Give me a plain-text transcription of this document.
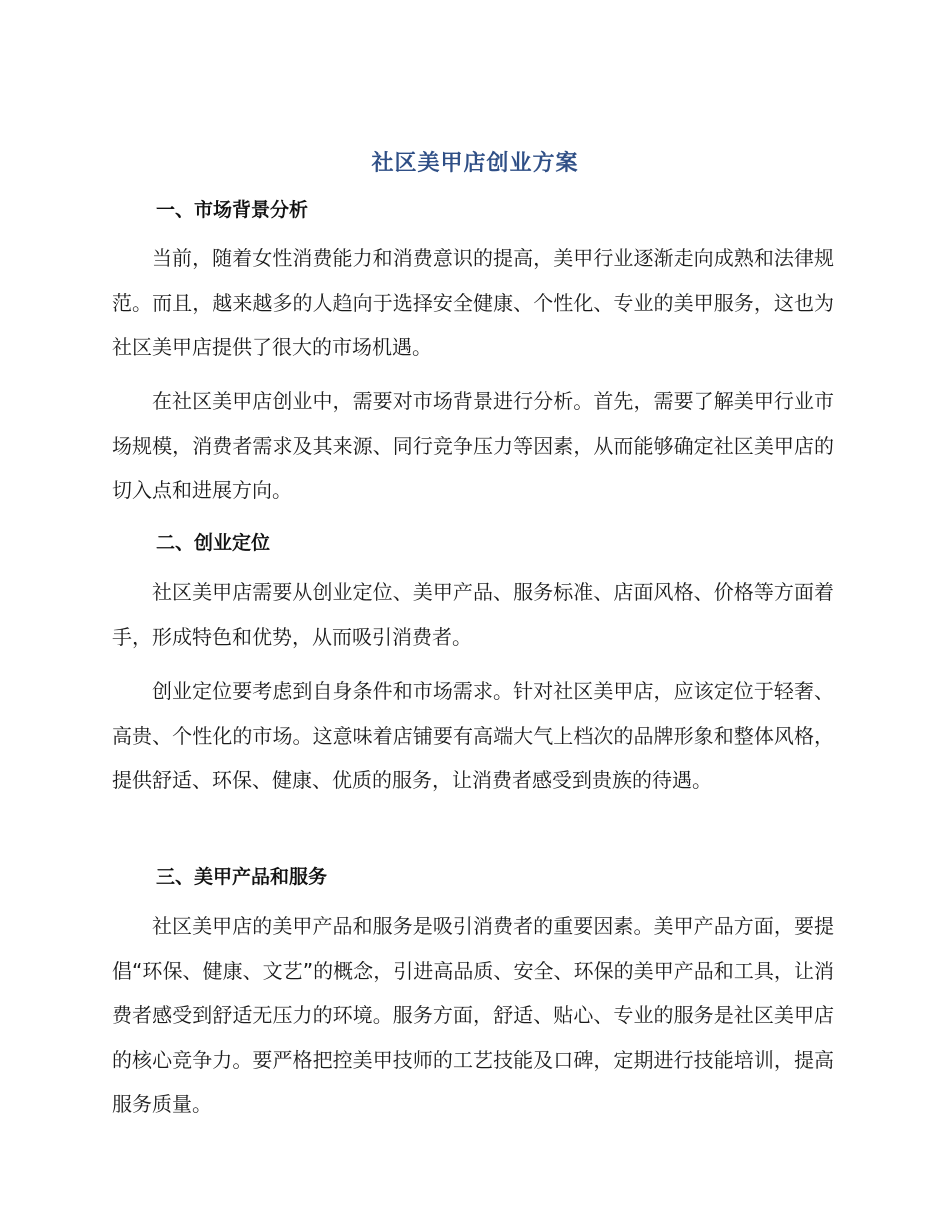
社区美甲店创业方案
一、市场背景分析

当前，随着女性消费能力和消费意识的提高，美甲行业逐渐走向成熟和法律规范。而且，越来越多的人趋向于选择安全健康、个性化、专业的美甲服务，这也为社区美甲店提供了很大的市场机遇。

在社区美甲店创业中，需要对市场背景进行分析。首先，需要了解美甲行业市场规模，消费者需求及其来源、同行竞争压力等因素，从而能够确定社区美甲店的切入点和进展方向。

二、创业定位

社区美甲店需要从创业定位、美甲产品、服务标准、店面风格、价格等方面着手，形成特色和优势，从而吸引消费者。

创业定位要考虑到自身条件和市场需求。针对社区美甲店，应该定位于轻奢、高贵、个性化的市场。这意味着店铺要有高端大气上档次的品牌形象和整体风格，提供舒适、环保、健康、优质的服务，让消费者感受到贵族的待遇。

三、美甲产品和服务

社区美甲店的美甲产品和服务是吸引消费者的重要因素。美甲产品方面，要提倡“环保、健康、文艺”的概念，引进高品质、安全、环保的美甲产品和工具，让消费者感受到舒适无压力的环境。服务方面，舒适、贴心、专业的服务是社区美甲店的核心竞争力。要严格把控美甲技师的工艺技能及口碑，定期进行技能培训，提高服务质量。
